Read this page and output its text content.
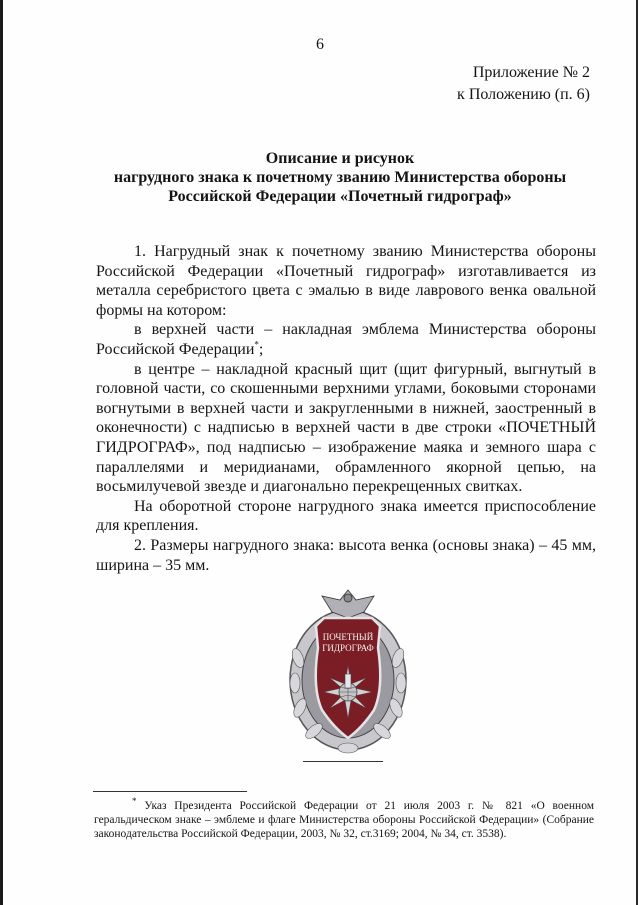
6
Приложение № 2
к Положению (п. 6)
Описание и рисунок
нагрудного знака к почетному званию Министерства обороны
Российской Федерации «Почетный гидрограф»

1. Нагрудный знак к почетному званию Министерства обороны Российской Федерации «Почетный гидрограф» изготавливается из металла серебристого цвета с эмалью в виде лаврового венка овальной формы на котором:

в верхней части – накладная эмблема Министерства обороны Российской Федерации*;

в центре – накладной красный щит (щит фигурный, выгнутый в головной части, со скошенными верхними углами, боковыми сторонами вогнутыми в верхней части и закругленными в нижней, заостренный в оконечности) с надписью в верхней части в две строки «ПОЧЕТНЫЙ ГИДРОГРАФ», под надписью – изображение маяка и земного шара с параллелями и меридианами, обрамленного якорной цепью, на восьмилучевой звезде и диагонально перекрещенных свитках.

На оборотной стороне нагрудного знака имеется приспособление для крепления.

2. Размеры нагрудного знака: высота венка (основы знака) – 45 мм, ширина – 35 мм.

ПОЧЕТНЫЙ
ГИДРОГРАФ
* Указ Президента Российской Федерации от 21 июля 2003 г. № 821 «О военном геральдическом знаке – эмблеме и флаге Министерства обороны Российской Федерации» (Собрание законодательства Российской Федерации, 2003, № 32, ст.3169; 2004, № 34, ст. 3538).
